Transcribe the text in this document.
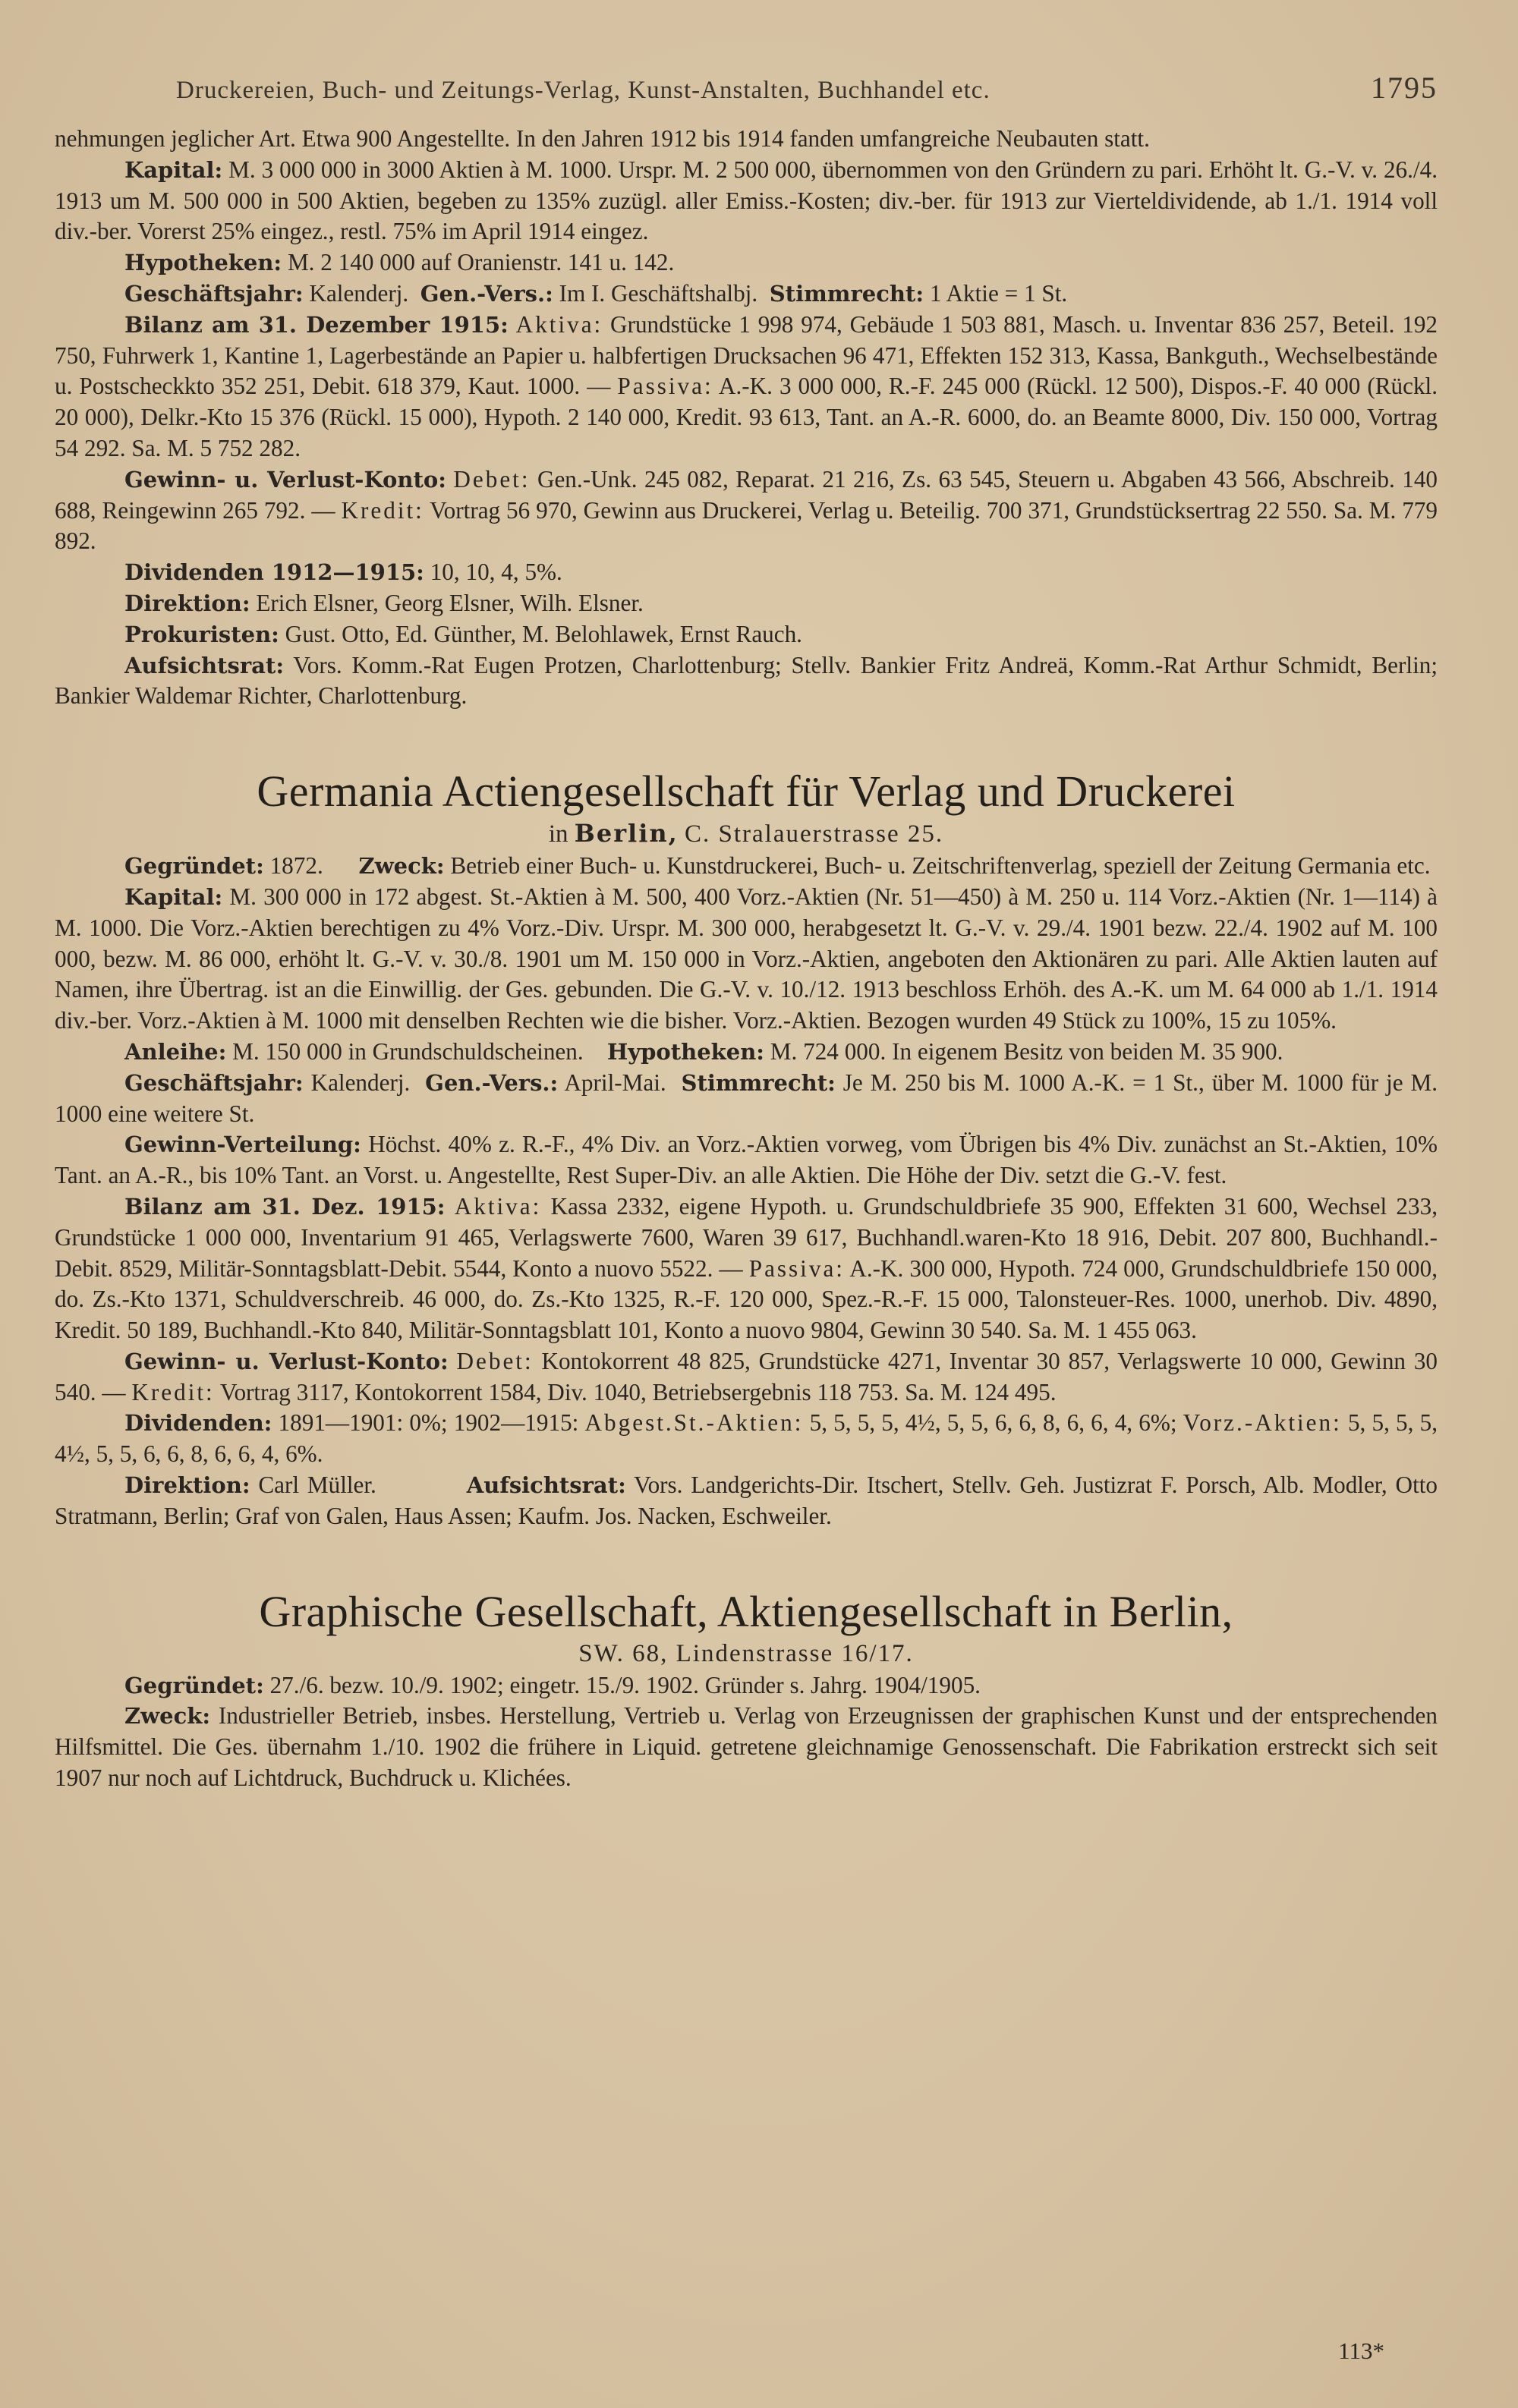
Druckereien, Buch- und Zeitungs-Verlag, Kunst-Anstalten, Buchhandel etc.	1795

nehmungen jeglicher Art. Etwa 900 Angestellte. In den Jahren 1912 bis 1914 fanden umfangreiche Neubauten statt.

Kapital: M. 3 000 000 in 3000 Aktien à M. 1000. Urspr. M. 2 500 000, übernommen von den Gründern zu pari. Erhöht lt. G.-V. v. 26./4. 1913 um M. 500 000 in 500 Aktien, begeben zu 135% zuzügl. aller Emiss.-Kosten; div.-ber. für 1913 zur Vierteldividende, ab 1./1. 1914 voll div.-ber. Vorerst 25% eingez., restl. 75% im April 1914 eingez.

Hypotheken: M. 2 140 000 auf Oranienstr. 141 u. 142.

Geschäftsjahr: Kalenderj. Gen.-Vers.: Im I. Geschäftshalbj. Stimmrecht: 1 Aktie = 1 St.

Bilanz am 31. Dezember 1915: Aktiva: Grundstücke 1 998 974, Gebäude 1 503 881, Masch. u. Inventar 836 257, Beteil. 192 750, Fuhrwerk 1, Kantine 1, Lagerbestände an Papier u. halbfertigen Drucksachen 96 471, Effekten 152 313, Kassa, Bankguth., Wechselbestände u. Postscheckkto 352 251, Debit. 618 379, Kaut. 1000. — Passiva: A.-K. 3 000 000, R.-F. 245 000 (Rückl. 12 500), Dispos.-F. 40 000 (Rückl. 20 000), Delkr.-Kto 15 376 (Rückl. 15 000), Hypoth. 2 140 000, Kredit. 93 613, Tant. an A.-R. 6000, do. an Beamte 8000, Div. 150 000, Vortrag 54 292. Sa. M. 5 752 282.

Gewinn- u. Verlust-Konto: Debet: Gen.-Unk. 245 082, Reparat. 21 216, Zs. 63 545, Steuern u. Abgaben 43 566, Abschreib. 140 688, Reingewinn 265 792. — Kredit: Vortrag 56 970, Gewinn aus Druckerei, Verlag u. Beteilig. 700 371, Grundstücksertrag 22 550. Sa. M. 779 892.

Dividenden 1912—1915: 10, 10, 4, 5%.

Direktion: Erich Elsner, Georg Elsner, Wilh. Elsner.

Prokuristen: Gust. Otto, Ed. Günther, M. Belohlawek, Ernst Rauch.

Aufsichtsrat: Vors. Komm.-Rat Eugen Protzen, Charlottenburg; Stellv. Bankier Fritz Andreä, Komm.-Rat Arthur Schmidt, Berlin; Bankier Waldemar Richter, Charlottenburg.

Germania Actiengesellschaft für Verlag und Druckerei
in Berlin, C. Stralauerstrasse 25.

Gegründet: 1872. Zweck: Betrieb einer Buch- u. Kunstdruckerei, Buch- u. Zeitschriftenverlag, speziell der Zeitung Germania etc.

Kapital: M. 300 000 in 172 abgest. St.-Aktien à M. 500, 400 Vorz.-Aktien (Nr. 51—450) à M. 250 u. 114 Vorz.-Aktien (Nr. 1—114) à M. 1000. Die Vorz.-Aktien berechtigen zu 4% Vorz.-Div. Urspr. M. 300 000, herabgesetzt lt. G.-V. v. 29./4. 1901 bezw. 22./4. 1902 auf M. 100 000, bezw. M. 86 000, erhöht lt. G.-V. v. 30./8. 1901 um M. 150 000 in Vorz.-Aktien, angeboten den Aktionären zu pari. Alle Aktien lauten auf Namen, ihre Übertrag. ist an die Einwillig. der Ges. gebunden. Die G.-V. v. 10./12. 1913 beschloss Erhöh. des A.-K. um M. 64 000 ab 1./1. 1914 div.-ber. Vorz.-Aktien à M. 1000 mit denselben Rechten wie die bisher. Vorz.-Aktien. Bezogen wurden 49 Stück zu 100%, 15 zu 105%.

Anleihe: M. 150 000 in Grundschuldscheinen. Hypotheken: M. 724 000. In eigenem Besitz von beiden M. 35 900.

Geschäftsjahr: Kalenderj. Gen.-Vers.: April-Mai. Stimmrecht: Je M. 250 bis M. 1000 A.-K. = 1 St., über M. 1000 für je M. 1000 eine weitere St.

Gewinn-Verteilung: Höchst. 40% z. R.-F., 4% Div. an Vorz.-Aktien vorweg, vom Übrigen bis 4% Div. zunächst an St.-Aktien, 10% Tant. an A.-R., bis 10% Tant. an Vorst. u. Angestellte, Rest Super-Div. an alle Aktien. Die Höhe der Div. setzt die G.-V. fest.

Bilanz am 31. Dez. 1915: Aktiva: Kassa 2332, eigene Hypoth. u. Grundschuldbriefe 35 900, Effekten 31 600, Wechsel 233, Grundstücke 1 000 000, Inventarium 91 465, Verlagswerte 7600, Waren 39 617, Buchhandl.waren-Kto 18 916, Debit. 207 800, Buchhandl.-Debit. 8529, Militär-Sonntagsblatt-Debit. 5544, Konto a nuovo 5522. — Passiva: A.-K. 300 000, Hypoth. 724 000, Grundschuldbriefe 150 000, do. Zs.-Kto 1371, Schuldverschreib. 46 000, do. Zs.-Kto 1325, R.-F. 120 000, Spez.-R.-F. 15 000, Talonsteuer-Res. 1000, unerhob. Div. 4890, Kredit. 50 189, Buchhandl.-Kto 840, Militär-Sonntagsblatt 101, Konto a nuovo 9804, Gewinn 30 540. Sa. M. 1 455 063.

Gewinn- u. Verlust-Konto: Debet: Kontokorrent 48 825, Grundstücke 4271, Inventar 30 857, Verlagswerte 10 000, Gewinn 30 540. — Kredit: Vortrag 3117, Kontokorrent 1584, Div. 1040, Betriebsergebnis 118 753. Sa. M. 124 495.

Dividenden: 1891—1901: 0%; 1902—1915: Abgest.St.-Aktien: 5, 5, 5, 5, 4½, 5, 5, 6, 6, 8, 6, 6, 4, 6%; Vorz.-Aktien: 5, 5, 5, 5, 4½, 5, 5, 6, 6, 8, 6, 6, 4, 6%.

Direktion: Carl Müller.	Aufsichtsrat: Vors. Landgerichts-Dir. Itschert, Stellv. Geh. Justizrat F. Porsch, Alb. Modler, Otto Stratmann, Berlin; Graf von Galen, Haus Assen; Kaufm. Jos. Nacken, Eschweiler.

Graphische Gesellschaft, Aktiengesellschaft in Berlin,
SW. 68, Lindenstrasse 16/17.

Gegründet: 27./6. bezw. 10./9. 1902; eingetr. 15./9. 1902. Gründer s. Jahrg. 1904/1905.

Zweck: Industrieller Betrieb, insbes. Herstellung, Vertrieb u. Verlag von Erzeugnissen der graphischen Kunst und der entsprechenden Hilfsmittel. Die Ges. übernahm 1./10. 1902 die frühere in Liquid. getretene gleichnamige Genossenschaft. Die Fabrikation erstreckt sich seit 1907 nur noch auf Lichtdruck, Buchdruck u. Klichées.

113*
